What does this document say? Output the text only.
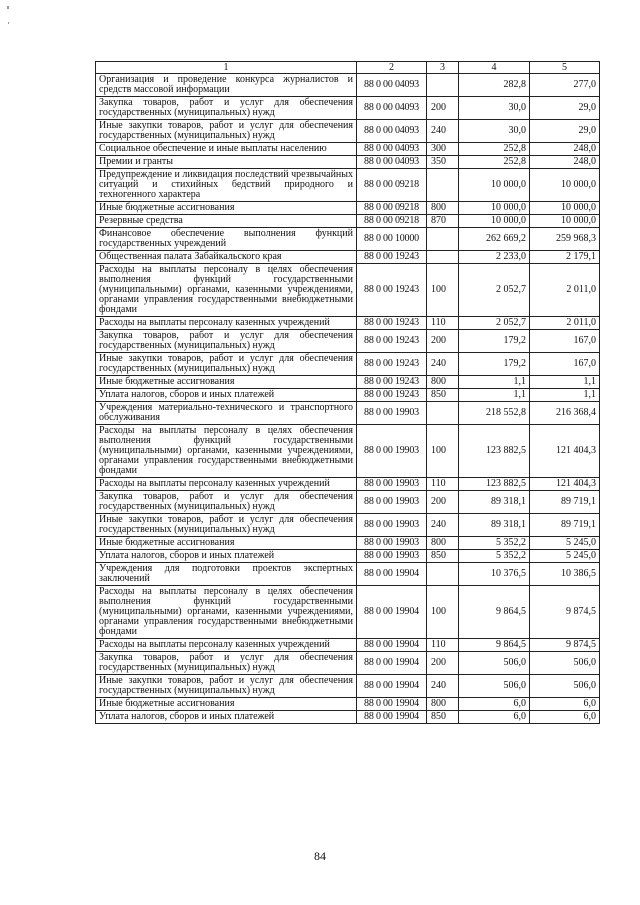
1	2	3	4	5
Организация и проведение конкурса журналистов и средств массовой информации	88 0 00 04093		282,8	277,0
Закупка товаров, работ и услуг для обеспечения государственных (муниципальных) нужд	88 0 00 04093	200	30,0	29,0
Иные закупки товаров, работ и услуг для обеспечения государственных (муниципальных) нужд	88 0 00 04093	240	30,0	29,0
Социальное обеспечение и иные выплаты населению	88 0 00 04093	300	252,8	248,0
Премии и гранты	88 0 00 04093	350	252,8	248,0
Предупреждение и ликвидация последствий чрезвычайных ситуаций и стихийных бедствий природного и техногенного характера	88 0 00 09218		10 000,0	10 000,0
Иные бюджетные ассигнования	88 0 00 09218	800	10 000,0	10 000,0
Резервные средства	88 0 00 09218	870	10 000,0	10 000,0
Финансовое обеспечение выполнения функций государственных учреждений	88 0 00 10000		262 669,2	259 968,3
Общественная палата Забайкальского края	88 0 00 19243		2 233,0	2 179,1
Расходы на выплаты персоналу в целях обеспечения выполнения функций государственными (муниципальными) органами, казенными учреждениями, органами управления государственными внебюджетными фондами	88 0 00 19243	100	2 052,7	2 011,0
Расходы на выплаты персоналу казенных учреждений	88 0 00 19243	110	2 052,7	2 011,0
Закупка товаров, работ и услуг для обеспечения государственных (муниципальных) нужд	88 0 00 19243	200	179,2	167,0
Иные закупки товаров, работ и услуг для обеспечения государственных (муниципальных) нужд	88 0 00 19243	240	179,2	167,0
Иные бюджетные ассигнования	88 0 00 19243	800	1,1	1,1
Уплата налогов, сборов и иных платежей	88 0 00 19243	850	1,1	1,1
Учреждения материально-технического и транспортного обслуживания	88 0 00 19903		218 552,8	216 368,4
Расходы на выплаты персоналу в целях обеспечения выполнения функций государственными (муниципальными) органами, казенными учреждениями, органами управления государственными внебюджетными фондами	88 0 00 19903	100	123 882,5	121 404,3
Расходы на выплаты персоналу казенных учреждений	88 0 00 19903	110	123 882,5	121 404,3
Закупка товаров, работ и услуг для обеспечения государственных (муниципальных) нужд	88 0 00 19903	200	89 318,1	89 719,1
Иные закупки товаров, работ и услуг для обеспечения государственных (муниципальных) нужд	88 0 00 19903	240	89 318,1	89 719,1
Иные бюджетные ассигнования	88 0 00 19903	800	5 352,2	5 245,0
Уплата налогов, сборов и иных платежей	88 0 00 19903	850	5 352,2	5 245,0
Учреждения для подготовки проектов экспертных заключений	88 0 00 19904		10 376,5	10 386,5
Расходы на выплаты персоналу в целях обеспечения выполнения функций государственными (муниципальными) органами, казенными учреждениями, органами управления государственными внебюджетными фондами	88 0 00 19904	100	9 864,5	9 874,5
Расходы на выплаты персоналу казенных учреждений	88 0 00 19904	110	9 864,5	9 874,5
Закупка товаров, работ и услуг для обеспечения государственных (муниципальных) нужд	88 0 00 19904	200	506,0	506,0
Иные закупки товаров, работ и услуг для обеспечения государственных (муниципальных) нужд	88 0 00 19904	240	506,0	506,0
Иные бюджетные ассигнования	88 0 00 19904	800	6,0	6,0
Уплата налогов, сборов и иных платежей	88 0 00 19904	850	6,0	6,0
84
